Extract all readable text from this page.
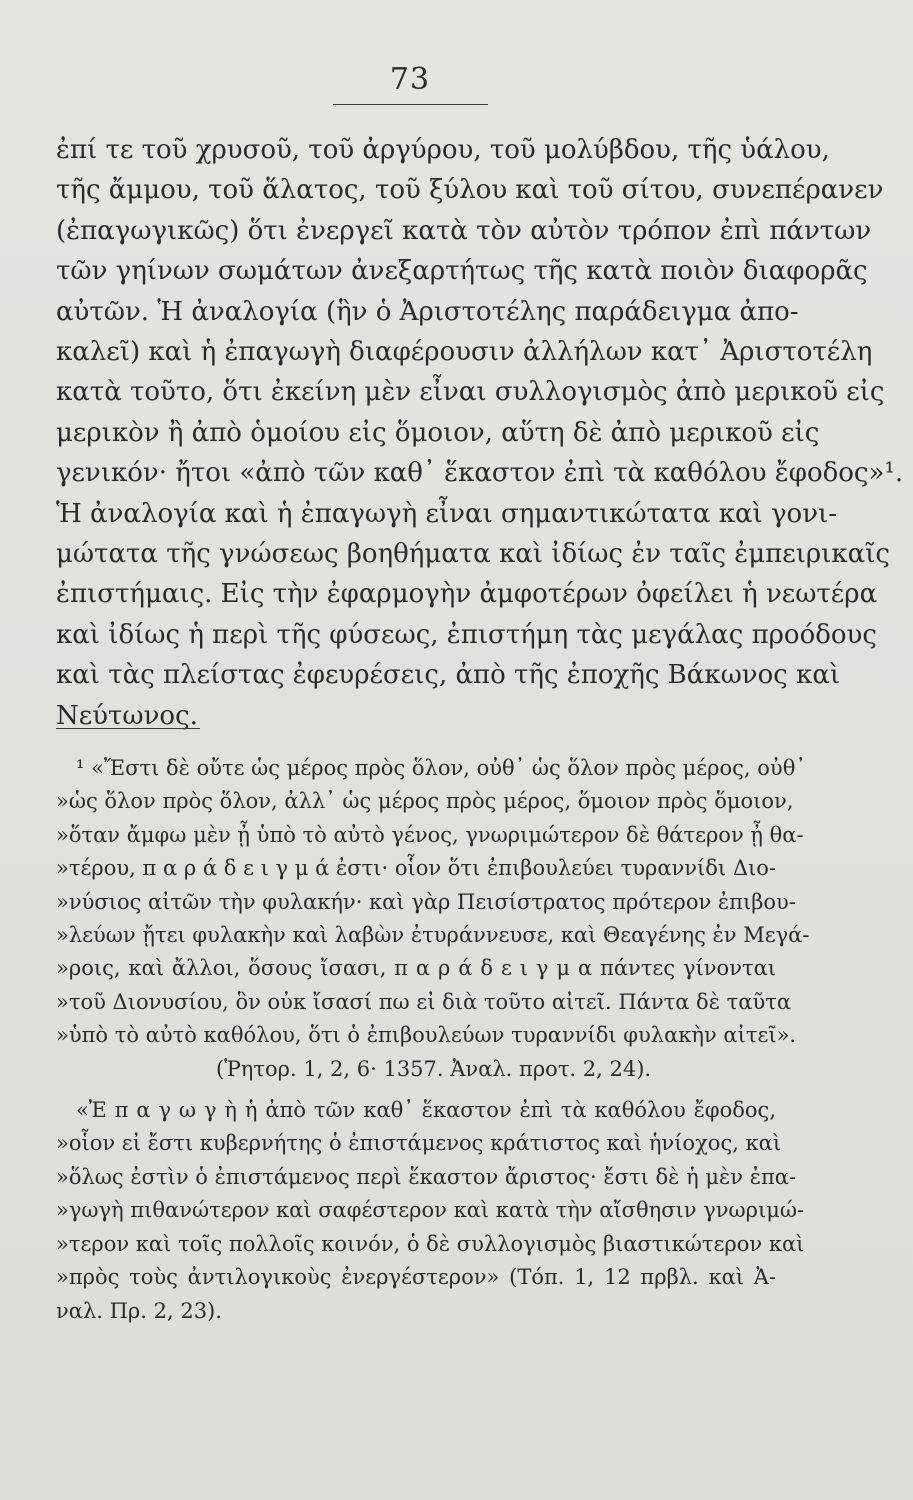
73
ἐπί τε τοῦ χρυσοῦ, τοῦ ἀργύρου, τοῦ μολύβδου, τῆς ὑάλου,
τῆς ἄμμου, τοῦ ἅλατος, τοῦ ξύλου καὶ τοῦ σίτου, συνεπέρανεν
(ἐπαγωγικῶς) ὅτι ἐνεργεῖ κατὰ τὸν αὐτὸν τρόπον ἐπὶ πάντων
τῶν γηίνων σωμάτων ἀνεξαρτήτως τῆς κατὰ ποιὸν διαφορᾶς
αὐτῶν. Ἡ ἀναλογία (ἣν ὁ Ἀριστοτέλης παράδειγμα ἀπο-
καλεῖ) καὶ ἡ ἐπαγωγὴ διαφέρουσιν ἀλλήλων κατ᾽ Ἀριστοτέλη
κατὰ τοῦτο, ὅτι ἐκείνη μὲν εἶναι συλλογισμὸς ἀπὸ μερικοῦ εἰς
μερικὸν ἢ ἀπὸ ὁμοίου εἰς ὅμοιον, αὕτη δὲ ἀπὸ μερικοῦ εἰς
γενικόν· ἤτοι «ἀπὸ τῶν καθ᾽ ἕκαστον ἐπὶ τὰ καθόλου ἔφοδος»¹.
Ἡ ἀναλογία καὶ ἡ ἐπαγωγὴ εἶναι σημαντικώτατα καὶ γονι-
μώτατα τῆς γνώσεως βοηθήματα καὶ ἰδίως ἐν ταῖς ἐμπειρικαῖς
ἐπιστήμαις. Εἰς τὴν ἐφαρμογὴν ἀμφοτέρων ὀφείλει ἡ νεωτέρα
καὶ ἰδίως ἡ περὶ τῆς φύσεως, ἐπιστήμη τὰς μεγάλας προόδους
καὶ τὰς πλείστας ἐφευρέσεις, ἀπὸ τῆς ἐποχῆς Βάκωνος καὶ
Νεύτωνος.
¹ «Ἔστι δὲ οὔτε ὡς μέρος πρὸς ὅλον, οὐθ᾽ ὡς ὅλον πρὸς μέρος, οὐθ᾽
»ὡς ὅλον πρὸς ὅλον, ἀλλ᾽ ὡς μέρος πρὸς μέρος, ὅμοιον πρὸς ὅμοιον,
»ὅταν ἄμφω μὲν ᾖ ὑπὸ τὸ αὐτὸ γένος, γνωριμώτερον δὲ θάτερον ᾖ θα-
»τέρου, π α ρ ά δ ε ι γ μ ά ἐστι· οἷον ὅτι ἐπιβουλεύει τυραννίδι Διο-
»νύσιος αἰτῶν τὴν φυλακήν· καὶ γὰρ Πεισίστρατος πρότερον ἐπιβου-
»λεύων ᾔτει φυλακὴν καὶ λαβὼν ἐτυράννευσε, καὶ Θεαγένης ἐν Μεγά-
»ροις, καὶ ἄλλοι, ὅσους ἴσασι, π α ρ ά δ ε ι γ μ α πάντες γίνονται
»τοῦ Διονυσίου, ὃν οὐκ ἴσασί πω εἰ διὰ τοῦτο αἰτεῖ. Πάντα δὲ ταῦτα
»ὑπὸ τὸ αὐτὸ καθόλου, ὅτι ὁ ἐπιβουλεύων τυραννίδι φυλακὴν αἰτεῖ».
(Ῥητορ. 1, 2, 6· 1357. Ἀναλ. προτ. 2, 24).
«Ἐ π α γ ω γ ὴ ἡ ἀπὸ τῶν καθ᾽ ἕκαστον ἐπὶ τὰ καθόλου ἔφοδος,
»οἷον εἰ ἔστι κυβερνήτης ὁ ἐπιστάμενος κράτιστος καὶ ἡνίοχος, καὶ
»ὅλως ἐστὶν ὁ ἐπιστάμενος περὶ ἕκαστον ἄριστος· ἔστι δὲ ἡ μὲν ἐπα-
»γωγὴ πιθανώτερον καὶ σαφέστερον καὶ κατὰ τὴν αἴσθησιν γνωριμώ-
»τερον καὶ τοῖς πολλοῖς κοινόν, ὁ δὲ συλλογισμὸς βιαστικώτερον καὶ
»πρὸς τοὺς ἀντιλογικοὺς ἐνεργέστερον» (Τόπ. 1, 12 πρβλ. καὶ Ἀ-
ναλ. Πρ. 2, 23).
